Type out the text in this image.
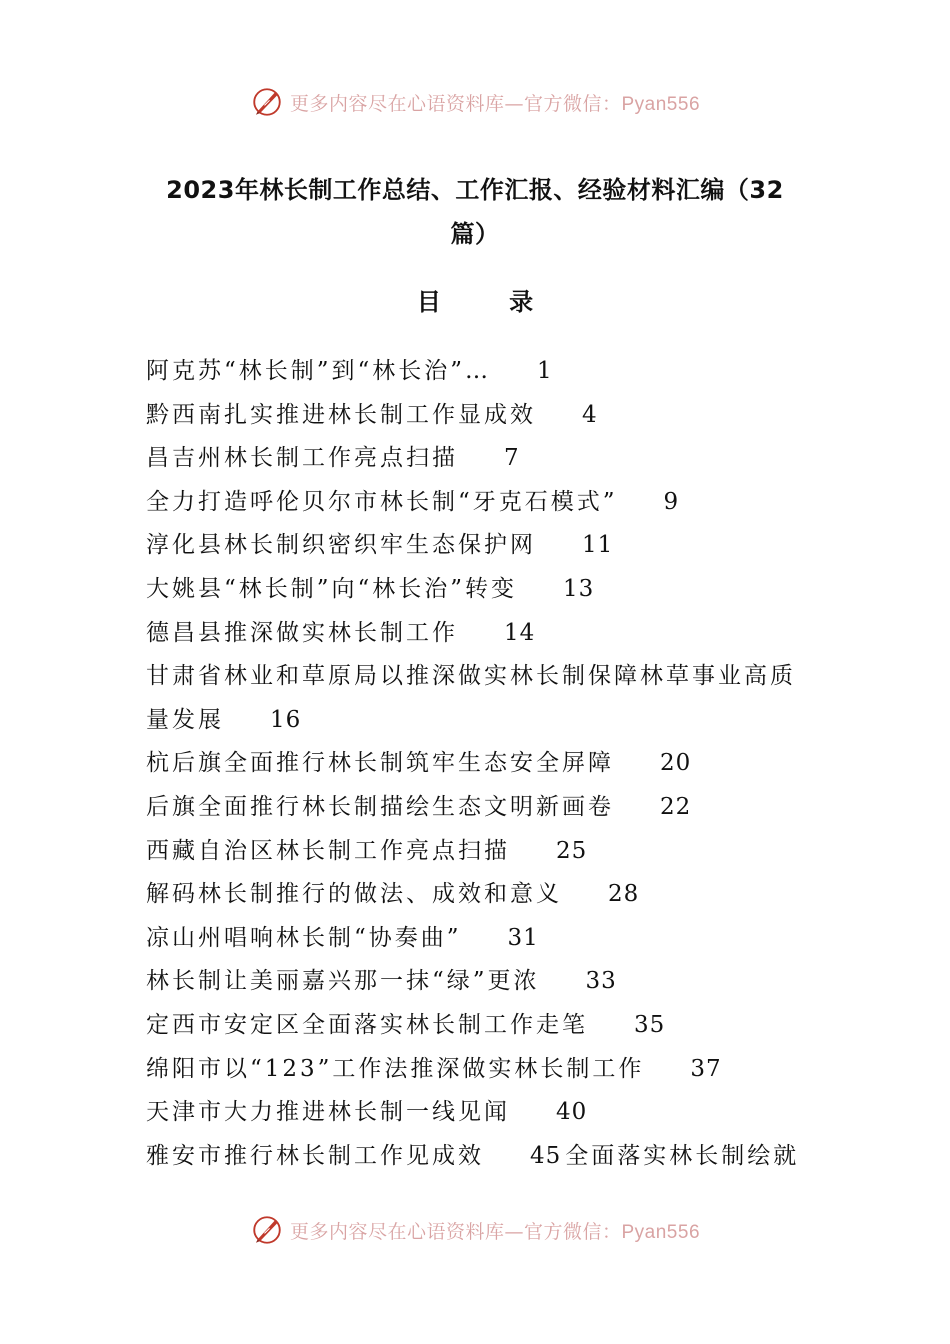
更多内容尽在心语资料库—官方微信：Pyan556
2023年林长制工作总结、工作汇报、经验材料汇编（32篇）
目 录
阿克苏“林长制”到“林长治”… 1
黔西南扎实推进林长制工作显成效 4
昌吉州林长制工作亮点扫描 7
全力打造呼伦贝尔市林长制“牙克石模式” 9
淳化县林长制织密织牢生态保护网 11
大姚县“林长制”向“林长治”转变 13
德昌县推深做实林长制工作 14
甘肃省林业和草原局以推深做实林长制保障林草事业高质量发展 16
杭后旗全面推行林长制筑牢生态安全屏障 20
后旗全面推行林长制描绘生态文明新画卷 22
西藏自治区林长制工作亮点扫描 25
解码林长制推行的做法、成效和意义 28
凉山州唱响林长制“协奏曲” 31
林长制让美丽嘉兴那一抹“绿”更浓 33
定西市安定区全面落实林长制工作走笔 35
绵阳市以“123”工作法推深做实林长制工作 37
天津市大力推进林长制一线见闻 40
雅安市推行林长制工作见成效 45 全面落实林长制绘就
更多内容尽在心语资料库—官方微信：Pyan556
